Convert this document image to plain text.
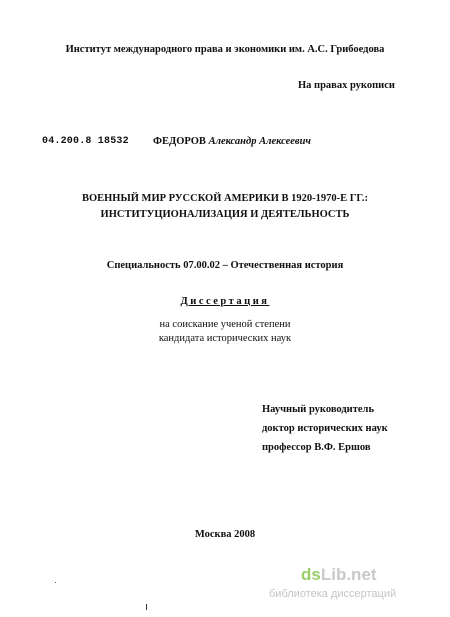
Институт международного права и экономики им. А.С. Грибоедова
На правах рукописи
04.200.8 18532 ФЕДОРОВ Александр Алексеевич
ВОЕННЫЙ МИР РУССКОЙ АМЕРИКИ В 1920-1970-Е ГГ.:
ИНСТИТУЦИОНАЛИЗАЦИЯ И ДЕЯТЕЛЬНОСТЬ
Специальность 07.00.02 – Отечественная история
Диссертация
на соискание ученой степени
кандидата исторических наук
Научный руководитель
доктор исторических наук
профессор В.Ф. Ершов
Москва 2008
dsLib.net
библиотека диссертаций
